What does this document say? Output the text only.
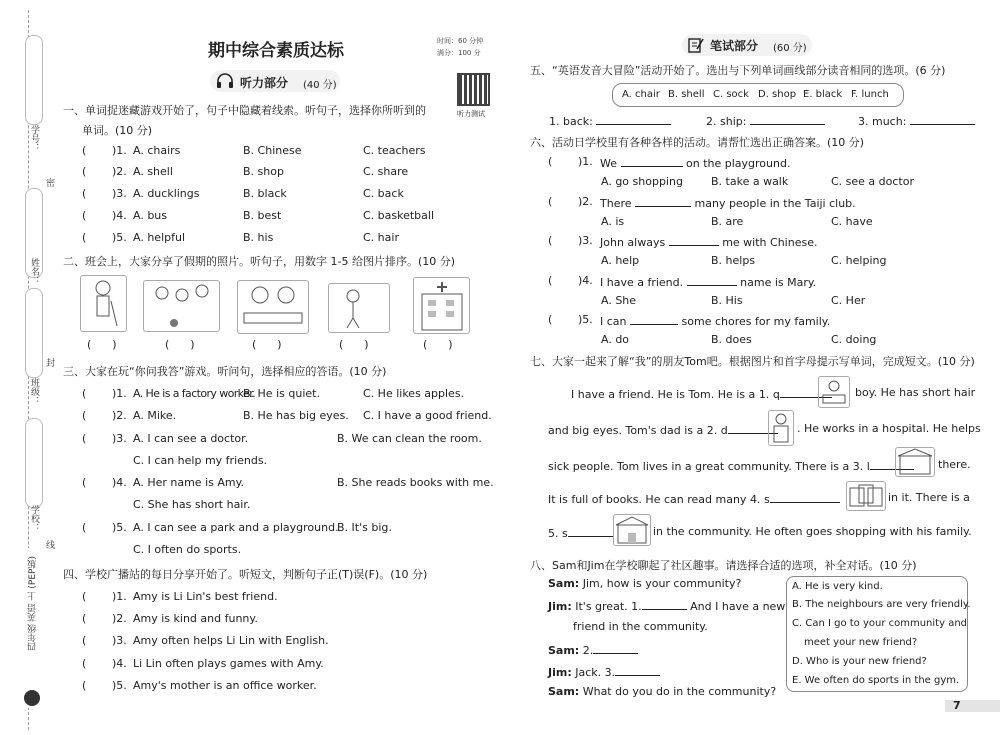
学号：
密
姓名：
封
班级：
学校：
线
四年级 英语 上 (PEP版)
期中综合素质达标	时间：60 分钟
满分：100 分
听力测试
听力部分 (40 分)
一、单词捉迷藏游戏开始了，句子中隐藏着线索。听句子，选择你所听到的
单词。(10 分)
( )1. A. chairs	B. Chinese	C. teachers
( )2. A. shell	B. shop	C. share
( )3. A. ducklings	B. black	C. back
( )4. A. bus	B. best	C. basketball
( )5. A. helpful	B. his	C. hair
二、班会上，大家分享了假期的照片。听句子，用数字 1-5 给图片排序。(10 分)
(      )	(      )	(      )	(      )	(      )
三、大家在玩“你问我答”游戏。听问句，选择相应的答语。(10 分)
( )1. A. He is a factory worker.
B. He is quiet.	C. He likes apples.
( )2. A. Mike.	B. He has big eyes. C. I have a good friend.
( )3. A. I can see a doctor.	B. We can clean the room.
C. I can help my friends.
( )4. A. Her name is Amy.	B. She reads books with me.
C. She has short hair.
( )5. A. I can see a park and a playground.
B. It's big.
C. I often do sports.
四、学校广播站的每日分享开始了。听短文，判断句子正(T)误(F)。(10 分)
( )1. Amy is Li Lin's best friend.
( )2. Amy is kind and funny.
( )3. Amy often helps Li Lin with English.
( )4. Li Lin often plays games with Amy.
( )5. Amy's mother is an office worker.
笔试部分 (60 分)
五、“英语发音大冒险”活动开始了。选出与下列单词画线部分读音相同的选项。(6 分)
A. chair B. shell C. sock D. shop E. black F. lunch
1. back:	2. ship:	3. much:
六、活动日学校里有各种各样的活动。请帮忙选出正确答案。(10 分)
( )1. We	on the playground.
A. go shopping	B. take a walk	C. see a doctor
( )2. There	many people in the Taiji club.
A. is	B. are	C. have
( )3. John always	me with Chinese.
A. help	B. helps	C. helping
( )4. I have a friend.	name is Mary.
A. She	B. His	C. Her
( )5. I can	some chores for my family.
A. do	B. does	C. doing
七、大家一起来了解“我”的朋友Tom吧。根据图片和首字母提示写单词，完成短文。(10 分)
I have a friend. He is Tom. He is a 1. q	boy. He has short hair
and big eyes. Tom's dad is a 2. d	. He works in a hospital. He helps
sick people. Tom lives in a great community. There is a 3. l	there.
It is full of books. He can read many 4. s	in it. There is a
5. s	in the community. He often goes shopping with his family.
八、Sam和Jim在学校聊起了社区趣事。请选择合适的选项，补全对话。(10 分)
Sam: Jim, how is your community?
Jim: It's great. 1.	And I have a new
friend in the community.
Sam: 2.
Jim: Jack. 3.
Sam: What do you do in the community?
A. He is very kind.
B. The neighbours are very friendly.
C. Can I go to your community and
meet your new friend?
D. Who is your new friend?
E. We often do sports in the gym.
7
